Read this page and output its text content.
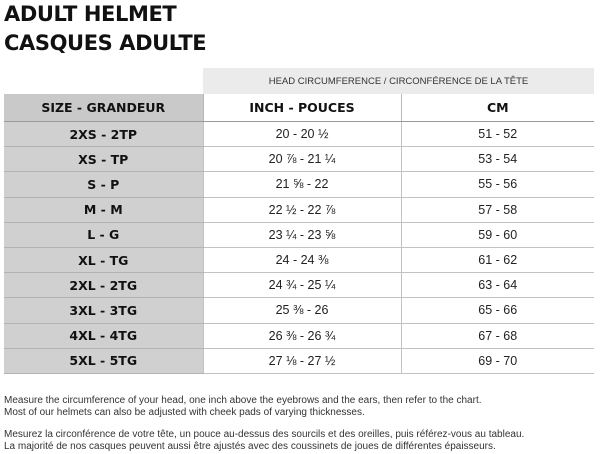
ADULT HELMET
CASQUES ADULTE
HEAD CIRCUMFERENCE / CIRCONFÉRENCE DE LA TÊTE
SIZE - GRANDEUR	INCH - POUCES	CM
2XS - 2TP	20 - 20 ½	51 - 52
XS - TP	20 ⅞ - 21 ¼	53 - 54
S - P	21 ⅝ - 22	55 - 56
M - M	22 ½ - 22 ⅞	57 - 58
L - G	23 ¼ - 23 ⅝	59 - 60
XL - TG	24 - 24 ⅜	61 - 62
2XL - 2TG	24 ¾ - 25 ¼	63 - 64
3XL - 3TG	25 ⅜ - 26	65 - 66
4XL - 4TG	26 ⅜ - 26 ¾	67 - 68
5XL - 5TG	27 ⅛ - 27 ½	69 - 70

Measure the circumference of your head, one inch above the eyebrows and the ears, then refer to the chart.

Most of our helmets can also be adjusted with cheek pads of varying thicknesses.

Mesurez la circonférence de votre tête, un pouce au-dessus des sourcils et des oreilles, puis référez-vous au tableau.

La majorité de nos casques peuvent aussi être ajustés avec des coussinets de joues de différentes épaisseurs.
